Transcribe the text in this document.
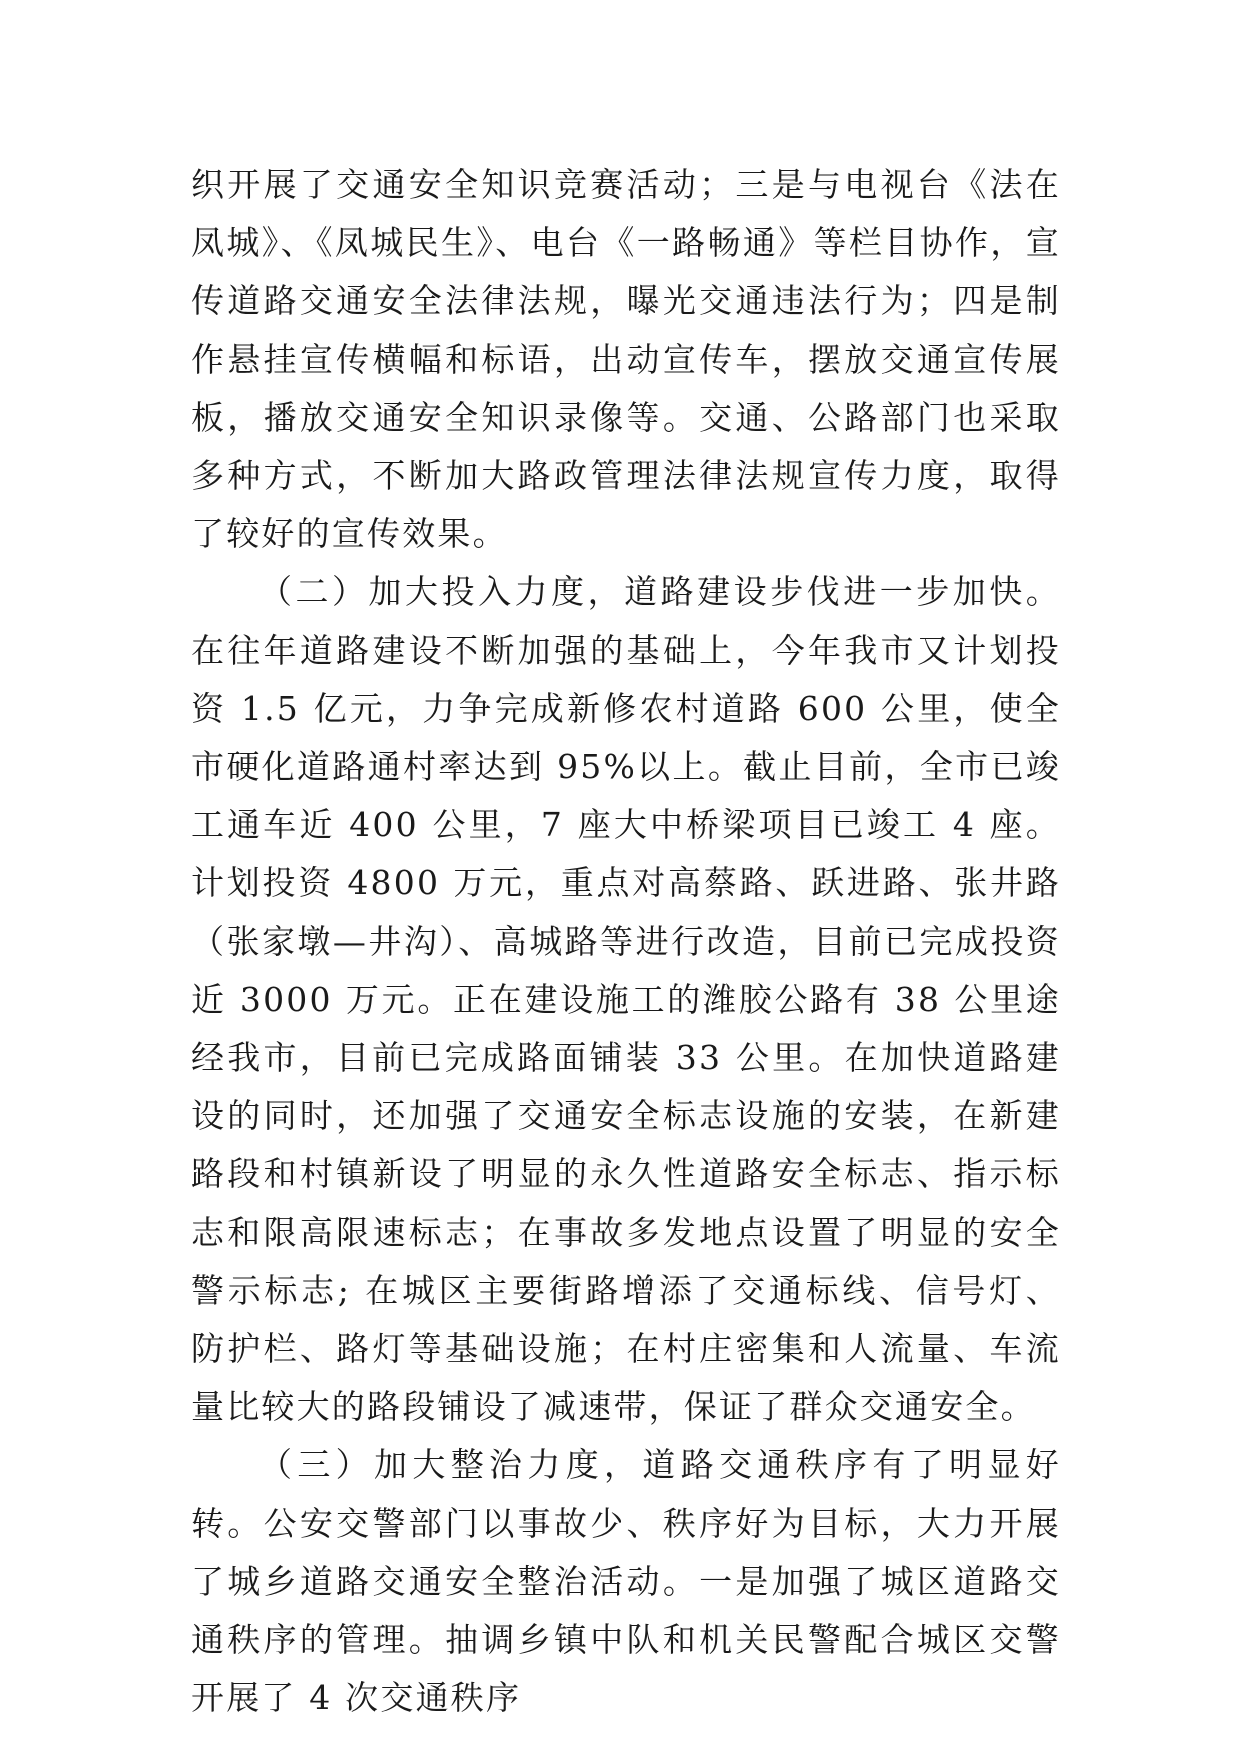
织开展了交通安全知识竞赛活动；三是与电视台《法在凤城》、《凤城民生》、电台《一路畅通》等栏目协作，宣传道路交通安全法律法规，曝光交通违法行为；四是制作悬挂宣传横幅和标语，出动宣传车，摆放交通宣传展板，播放交通安全知识录像等。交通、公路部门也采取多种方式，不断加大路政管理法律法规宣传力度，取得了较好的宣传效果。

（二）加大投入力度，道路建设步伐进一步加快。在往年道路建设不断加强的基础上，今年我市又计划投资 1.5 亿元，力争完成新修农村道路 600 公里，使全市硬化道路通村率达到 95%以上。截止目前，全市已竣工通车近 400 公里，7 座大中桥梁项目已竣工 4 座。计划投资 4800 万元，重点对高蔡路、跃进路、张井路（张家墩—井沟）、高城路等进行改造，目前已完成投资近 3000 万元。正在建设施工的潍胶公路有 38 公里途经我市，目前已完成路面铺装 33 公里。在加快道路建设的同时，还加强了交通安全标志设施的安装，在新建路段和村镇新设了明显的永久性道路安全标志、指示标志和限高限速标志；在事故多发地点设置了明显的安全警示标志; 在城区主要街路增添了交通标线、信号灯、防护栏、路灯等基础设施；在村庄密集和人流量、车流量比较大的路段铺设了减速带，保证了群众交通安全。

（三）加大整治力度，道路交通秩序有了明显好转。公安交警部门以事故少、秩序好为目标，大力开展了城乡道路交通安全整治活动。一是加强了城区道路交通秩序的管理。抽调乡镇中队和机关民警配合城区交警开展了 4 次交通秩序
